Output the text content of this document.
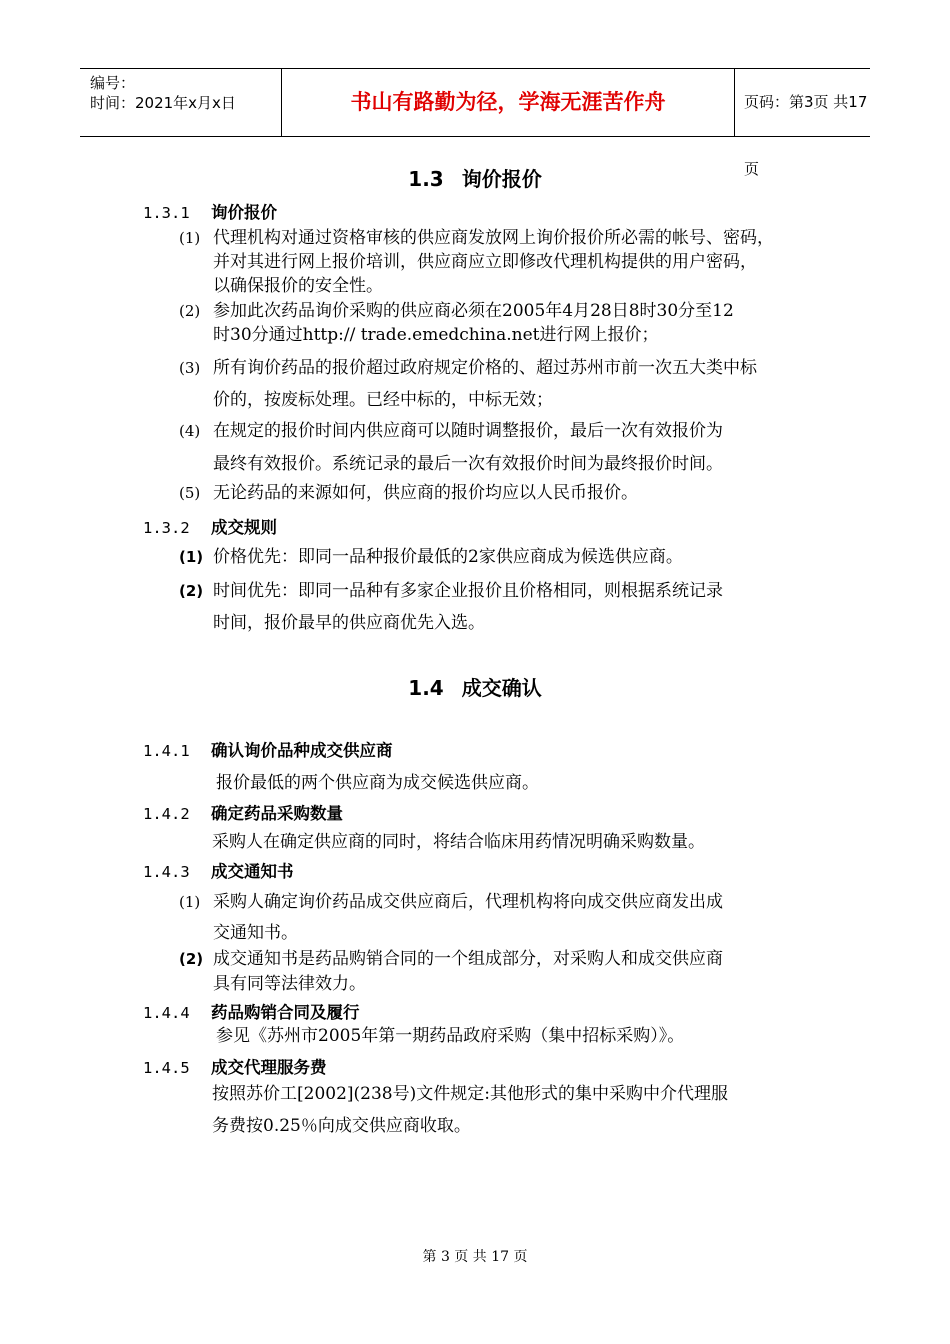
编号：
时间：2021年x月x日	书山有路勤为径，学海无涯苦作舟	页码：第3页 共17页
1.3 询价报价
1.3.1 询价报价
(1) 代理机构对通过资格审核的供应商发放网上询价报价所必需的帐号、密码，
并对其进行网上报价培训，供应商应立即修改代理机构提供的用户密码，
以确保报价的安全性。
(2) 参加此次药品询价采购的供应商必须在2005年4月28日8时30分至12
时30分通过http:// trade.emedchina.net进行网上报价；
(3) 所有询价药品的报价超过政府规定价格的、超过苏州市前一次五大类中标
价的，按废标处理。已经中标的，中标无效；
(4) 在规定的报价时间内供应商可以随时调整报价，最后一次有效报价为
最终有效报价。系统记录的最后一次有效报价时间为最终报价时间。
(5) 无论药品的来源如何，供应商的报价均应以人民币报价。
1.3.2 成交规则
(1) 价格优先：即同一品种报价最低的2家供应商成为候选供应商。
(2) 时间优先：即同一品种有多家企业报价且价格相同，则根据系统记录
时间，报价最早的供应商优先入选。
1.4 成交确认
1.4.1 确认询价品种成交供应商
报价最低的两个供应商为成交候选供应商。
1.4.2 确定药品采购数量
采购人在确定供应商的同时，将结合临床用药情况明确采购数量。
1.4.3 成交通知书
(1) 采购人确定询价药品成交供应商后，代理机构将向成交供应商发出成
交通知书。
(2) 成交通知书是药品购销合同的一个组成部分，对采购人和成交供应商
具有同等法律效力。
1.4.4 药品购销合同及履行
参见《苏州市2005年第一期药品政府采购（集中招标采购）》。
1.4.5 成交代理服务费
按照苏价工[2002](238号)文件规定:其他形式的集中采购中介代理服
务费按0.25％向成交供应商收取。
第 3 页 共 17 页
